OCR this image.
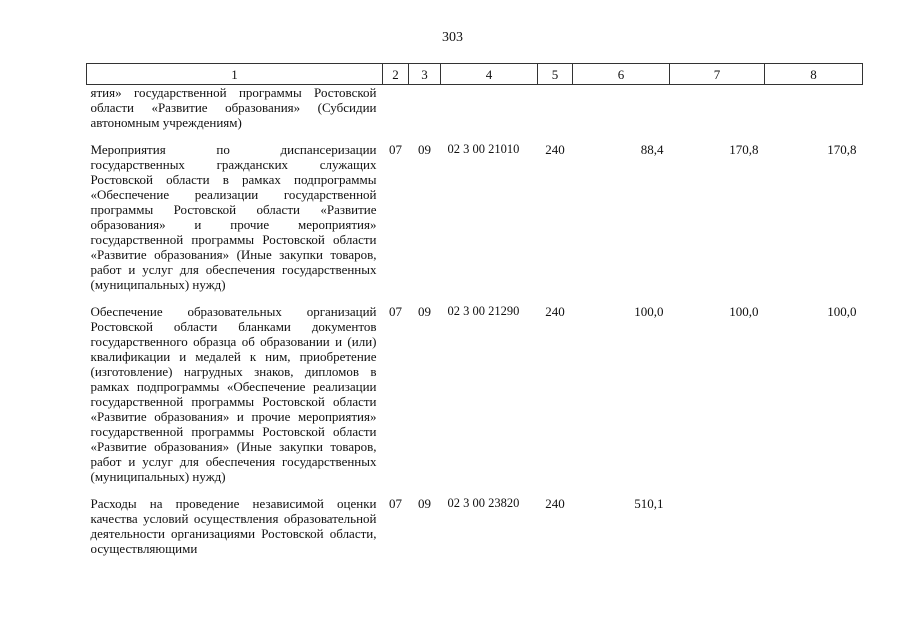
303
1	2	3	4	5	6	7	8
ятия» государственной программы Ростовской области «Развитие образования» (Субсидии автономным учреждениям)							

Мероприятия по диспансеризации государственных гражданских служащих Ростовской области в рамках подпрограммы «Обеспечение реализации государственной программы Ростовской области «Развитие образования» и прочие мероприятия» государственной программы Ростовской области «Развитие образования» (Иные закупки товаров, работ и услуг для обеспечения государственных (муниципальных) нужд)	07	09	02 3 00 21010	240	88,4	170,8	170,8

Обеспечение образовательных организаций Ростовской области бланками документов государственного образца об образовании и (или) квалификации и медалей к ним, приобретение (изготовление) нагрудных знаков, дипломов в рамках подпрограммы «Обеспечение реализации государственной программы Ростовской области «Развитие образования» и прочие мероприятия» государственной программы Ростовской области «Развитие образования» (Иные закупки товаров, работ и услуг для обеспечения государственных (муниципальных) нужд)	07	09	02 3 00 21290	240	100,0	100,0	100,0

Расходы на проведение независимой оценки качества условий осуществления образовательной деятельности организациями Ростовской области, осуществляющими	07	09	02 3 00 23820	240	510,1		
